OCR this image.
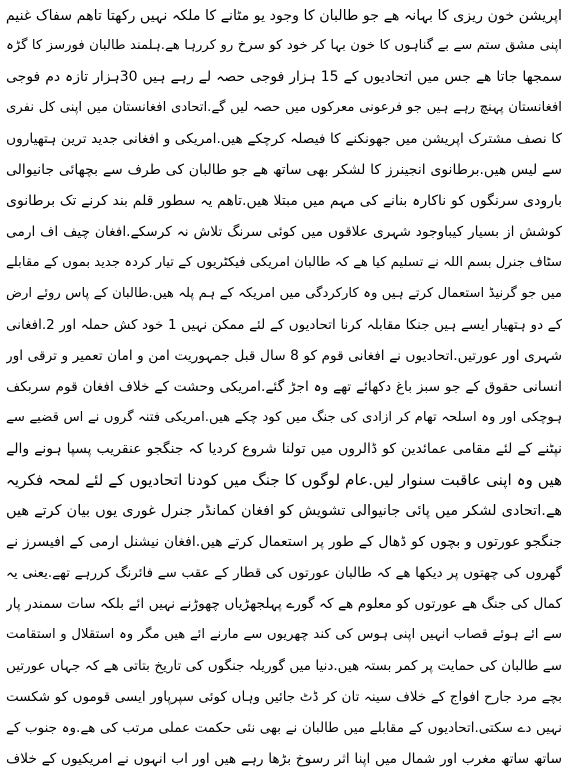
اپریشن خون ریزی کا بہانہ ھے جو طالبان کا وجود یو مٹانے کا ملکہ نہیں رکھتا تاھم سفاک غنیم
اپنی مشق ستم سے بے گناہوں کا خون بہا کر خود کو سرخ رو کررہا ھے.ہلمند طالبان فورسز کا گڑہ
سمجھا جاتا ھے جس میں اتحادیوں کے 15 ہزار فوجی حصہ لے رہے ہیں 30ہزار تازہ دم فوجی
افغانستان پہنچ رہے ہیں جو فرعونی معرکوں میں حصہ لیں گے.اتحادی افغانستان میں اپنی کل نفری
کا نصف مشترک اپریشن میں جھونکنے کا فیصلہ کرچکے ھیں.امریکی و افغانی جدید ترین ہتھیاروں
سے لیس ھیں.برطانوی انجینرز کا لشکر بھی ساتھ ھے جو طالبان کی طرف سے بچھائی جانیوالی
بارودی سرنگوں کو ناکارہ بنانے کی مہم میں مبتلا ھیں.تاھم یہ سطور قلم بند کرنے تک برطانوی
کوشش از بسیار کیباوجود شہری علاقوں میں کوئی سرنگ تلاش نہ کرسکے.افغان چیف اف ارمی
سٹاف جنرل بسم اللہ نے تسلیم کیا ھے کہ طالبان امریکی فیکٹریوں کے تیار کردہ جدید بموں کے مقابلے
میں جو گرنیڈ استعمال کرتے ہیں وہ کارکردگی میں امریکہ کے ہم پلہ ھیں.طالبان کے پاس روئے ارض
کے دو ہتھیار ایسے ہیں جنکا مقابلہ کرنا اتحادیوں کے لئے ممکن نہیں 1 خود کش حملہ اور 2.افغانی
شہری اور عورتیں.اتحادیوں نے افغانی قوم کو 8 سال قبل جمہوریت امن و امان تعمیر و ترقی اور
انسانی حقوق کے جو سبز باغ دکھائے تھے وہ اجڑ گئے.امریکی وحشت کے خلاف افغان قوم سربکف
ہوچکی اور وہ اسلحہ تھام کر ازادی کی جنگ میں کود چکے ھیں.امریکی فتنہ گروں نے اس قضیے سے
نپٹنے کے لئے مقامی عمائدین کو ڈالروں میں تولنا شروع کردیا کہ جنگجو عنقریب پسپا ہونے والے
ھیں وہ اپنی عاقبت سنوار لیں.عام لوگوں کا جنگ میں کودنا اتحادیوں کے لئے لمحہ فکریہ
ھے.اتحادی لشکر میں پائی جانیوالی تشویش کو افغان کمانڈر جنرل غوری یوں بیان کرتے ھیں
جنگجو عورتوں و بچوں کو ڈھال کے طور پر استعمال کرتے ھیں.افغان نیشنل ارمی کے افیسرز نے
گھروں کی چھتوں پر دیکھا ھے کہ طالبان عورتوں کی قطار کے عقب سے فائرنگ کررہے تھے.یعنی یہ
کمال کی جنگ ھے عورتوں کو معلوم ھے کہ گورے پہلجھڑیاں چھوڑنے نہیں ائے بلکہ سات سمندر پار
سے ائے ہوئے قصاب انہیں اپنی ہوس کی کند چھریوں سے مارنے ائے ھیں مگر وہ استقلال و استقامت
سے طالبان کی حمایت پر کمر بستہ ھیں.دنیا میں گوریلہ جنگوں کی تاریخ بتاتی ھے کہ جہاں عورتیں
بچے مرد جارح افواج کے خلاف سینہ تان کر ڈٹ جائیں وہاں کوئی سپرپاور ایسی قوموں کو شکست
نہیں دے سکتی.اتحادیوں کے مقابلے میں طالبان نے بھی نئی حکمت عملی مرتب کی ھے.وہ جنوب کے
ساتھ ساتھ مغرب اور شمال میں اپنا اثر رسوخ بڑھا رہے ھیں اور اب انہوں نے امریکیوں کے خلاف
